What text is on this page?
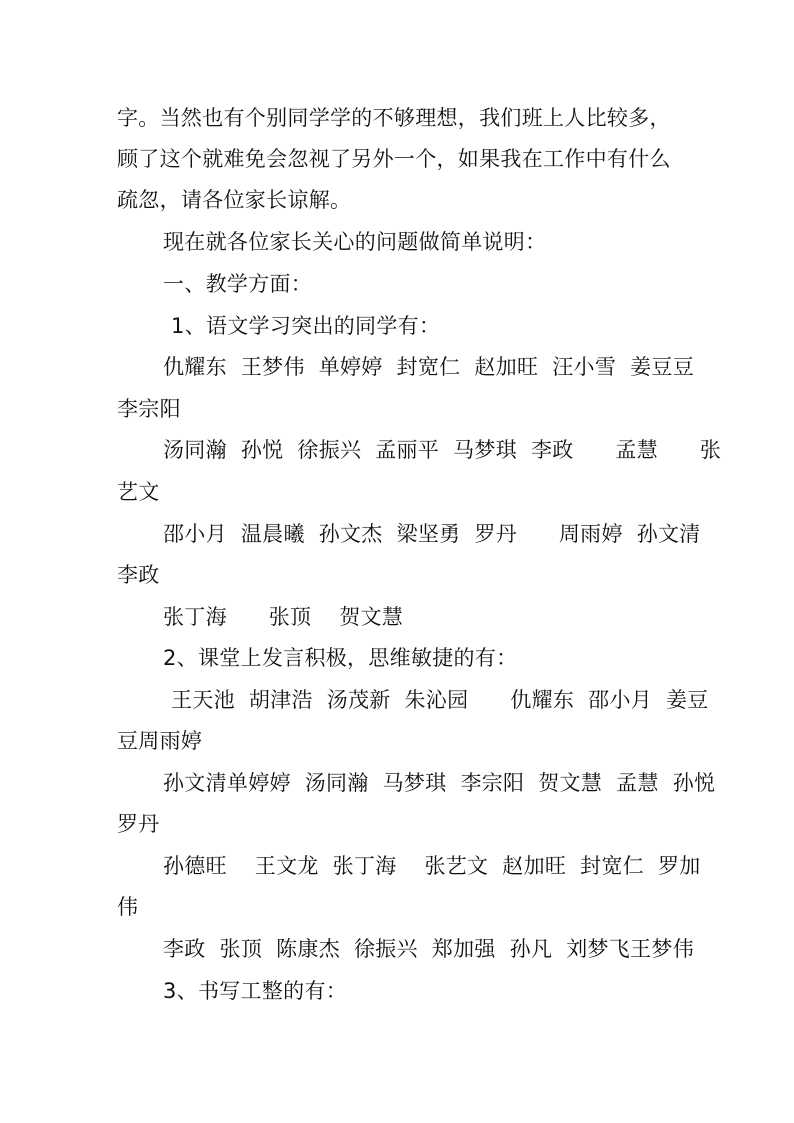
字。当然也有个别同学学的不够理想，我们班上人比较多，
顾了这个就难免会忽视了另外一个，如果我在工作中有什么
疏忽，请各位家长谅解。
现在就各位家长关心的问题做简单说明：
一、教学方面：
1、语文学习突出的同学有：
仇耀东  王梦伟  单婷婷  封宽仁  赵加旺  汪小雪  姜豆豆
李宗阳
汤同瀚  孙悦  徐振兴  孟丽平  马梦琪  李政      孟慧      张
艺文
邵小月  温晨曦  孙文杰  梁坚勇  罗丹      周雨婷  孙文清
李政
张丁海      张顶    贺文慧
2、课堂上发言积极，思维敏捷的有：
王天池  胡津浩  汤茂新  朱沁园      仇耀东  邵小月  姜豆
豆周雨婷
孙文清单婷婷  汤同瀚  马梦琪  李宗阳  贺文慧  孟慧  孙悦
罗丹
孙德旺    王文龙  张丁海    张艺文  赵加旺  封宽仁  罗加
伟
李政  张顶  陈康杰  徐振兴  郑加强  孙凡  刘梦飞王梦伟
3、书写工整的有：
